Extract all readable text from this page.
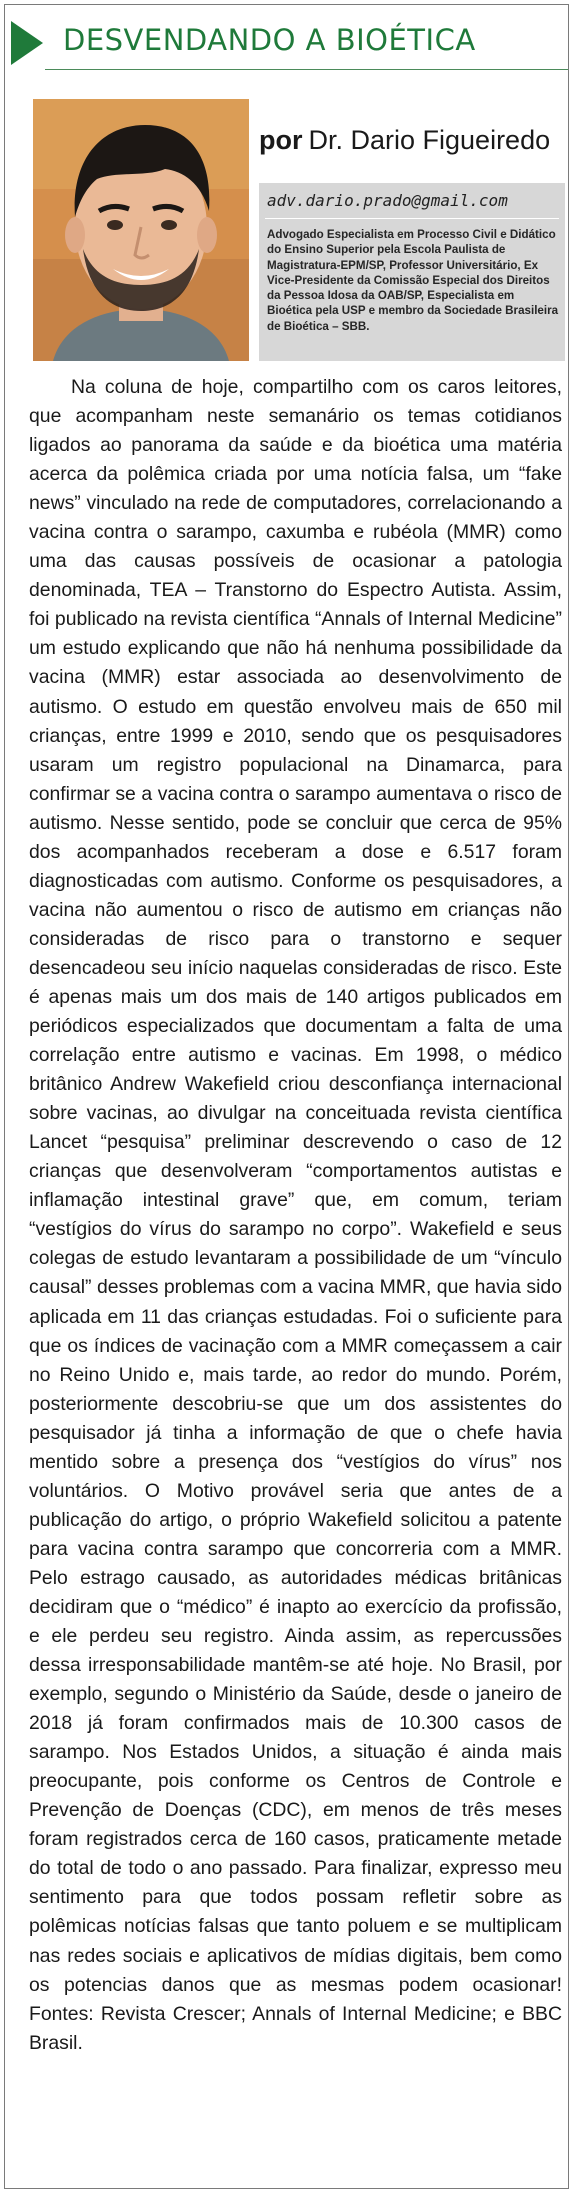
DESVENDANDO A BIOÉTICA
por Dr. Dario Figueiredo
adv.dario.prado@gmail.com
Advogado Especialista em Processo Civil e Didático do Ensino Superior pela Escola Paulista de Magistratura-EPM/SP, Professor Universitário, Ex Vice-Presidente da Comissão Especial dos Direitos da Pessoa Idosa da OAB/SP, Especialista em Bioética pela USP e membro da Sociedade Brasileira de Bioética – SBB.

Na coluna de hoje, compartilho com os caros leitores, que acompanham neste semanário os temas cotidianos ligados ao panorama da saúde e da bioética uma matéria acerca da polêmica criada por uma notícia falsa, um “fake news” vinculado na rede de computadores, correlacionando a vacina contra o sarampo, caxumba e rubéola (MMR) como uma das causas possíveis de ocasionar a patologia denominada, TEA – Transtorno do Espectro Autista. Assim, foi publicado na revista científica “Annals of Internal Medicine” um estudo explicando que não há nenhuma possibilidade da vacina (MMR) estar associada ao desenvolvimento de autismo. O estudo em questão envolveu mais de 650 mil crianças, entre 1999 e 2010, sendo que os pesquisadores usaram um registro populacional na Dinamarca, para confirmar se a vacina contra o sarampo aumentava o risco de autismo. Nesse sentido, pode se concluir que cerca de 95% dos acompanhados receberam a dose e 6.517 foram diagnosticadas com autismo. Conforme os pesquisadores, a vacina não aumentou o risco de autismo em crianças não consideradas de risco para o transtorno e sequer desencadeou seu início naquelas consideradas de risco. Este é apenas mais um dos mais de 140 artigos publicados em periódicos especializados que documentam a falta de uma correlação entre autismo e vacinas. Em 1998, o médico britânico Andrew Wakefield criou desconfiança internacional sobre vacinas, ao divulgar na conceituada revista científica Lancet “pesquisa” preliminar descrevendo o caso de 12 crianças que desenvolveram “comportamentos autistas e inflamação intestinal grave” que, em comum, teriam “vestígios do vírus do sarampo no corpo”. Wakefield e seus colegas de estudo levantaram a possibilidade de um “vínculo causal” desses problemas com a vacina MMR, que havia sido aplicada em 11 das crianças estudadas. Foi o suficiente para que os índices de vacinação com a MMR começassem a cair no Reino Unido e, mais tarde, ao redor do mundo. Porém, posteriormente descobriu-se que um dos assistentes do pesquisador já tinha a informação de que o chefe havia mentido sobre a presença dos “vestígios do vírus” nos voluntários. O Motivo provável seria que antes de a publicação do artigo, o próprio Wakefield solicitou a patente para vacina contra sarampo que concorreria com a MMR. Pelo estrago causado, as autoridades médicas britânicas decidiram que o “médico” é inapto ao exercício da profissão, e ele perdeu seu registro. Ainda assim, as repercussões dessa irresponsabilidade mantêm-se até hoje. No Brasil, por exemplo, segundo o Ministério da Saúde, desde o janeiro de 2018 já foram confirmados mais de 10.300 casos de sarampo. Nos Estados Unidos, a situação é ainda mais preocupante, pois conforme os Centros de Controle e Prevenção de Doenças (CDC), em menos de três meses foram registrados cerca de 160 casos, praticamente metade do total de todo o ano passado. Para finalizar, expresso meu sentimento para que todos possam refletir sobre as polêmicas notícias falsas que tanto poluem e se multiplicam nas redes sociais e aplicativos de mídias digitais, bem como os potencias danos que as mesmas podem ocasionar! Fontes: Revista Crescer; Annals of Internal Medicine; e BBC Brasil.
